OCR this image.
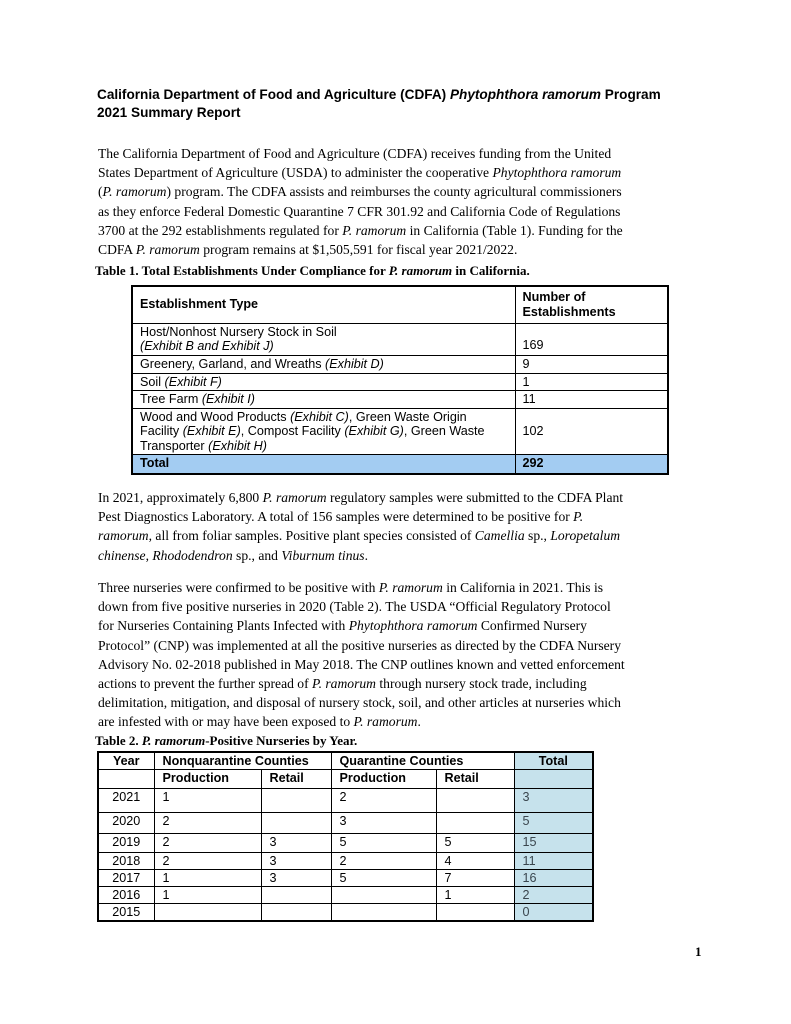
California Department of Food and Agriculture (CDFA) Phytophthora ramorum Program
2021 Summary Report
The California Department of Food and Agriculture (CDFA) receives funding from the United
States Department of Agriculture (USDA) to administer the cooperative Phytophthora ramorum
(P. ramorum) program. The CDFA assists and reimburses the county agricultural commissioners
as they enforce Federal Domestic Quarantine 7 CFR 301.92 and California Code of Regulations
3700 at the 292 establishments regulated for P. ramorum in California (Table 1). Funding for the
CDFA P. ramorum program remains at $1,505,591 for fiscal year 2021/2022.
Table 1. Total Establishments Under Compliance for P. ramorum in California.
Establishment Type	Number of Establishments

Host/Nonhost Nursery Stock in Soil
(Exhibit B and Exhibit J)	169

Greenery, Garland, and Wreaths (Exhibit D)	9

Soil (Exhibit F)	1

Tree Farm (Exhibit I)	11

Wood and Wood Products (Exhibit C), Green Waste Origin
Facility (Exhibit E), Compost Facility (Exhibit G), Green Waste
Transporter (Exhibit H)	102
Total	292
In 2021, approximately 6,800 P. ramorum regulatory samples were submitted to the CDFA Plant
Pest Diagnostics Laboratory. A total of 156 samples were determined to be positive for P.
ramorum, all from foliar samples. Positive plant species consisted of Camellia sp., Loropetalum
chinense, Rhododendron sp., and Viburnum tinus.
Three nurseries were confirmed to be positive with P. ramorum in California in 2021. This is
down from five positive nurseries in 2020 (Table 2). The USDA “Official Regulatory Protocol
for Nurseries Containing Plants Infected with Phytophthora ramorum Confirmed Nursery
Protocol” (CNP) was implemented at all the positive nurseries as directed by the CDFA Nursery
Advisory No. 02-2018 published in May 2018. The CNP outlines known and vetted enforcement
actions to prevent the further spread of P. ramorum through nursery stock trade, including
delimitation, mitigation, and disposal of nursery stock, soil, and other articles at nurseries which
are infested with or may have been exposed to P. ramorum.
Table 2. P. ramorum-Positive Nurseries by Year.
Year	Nonquarantine Counties		Quarantine Counties		Total
	Production	Retail	Production	Retail	
2021	1		2		3
2020	2		3		5
2019	2	3	5	5	15
2018	2	3	2	4	11
2017	1	3	5	7	16
2016	1			1	2
2015					0
1
